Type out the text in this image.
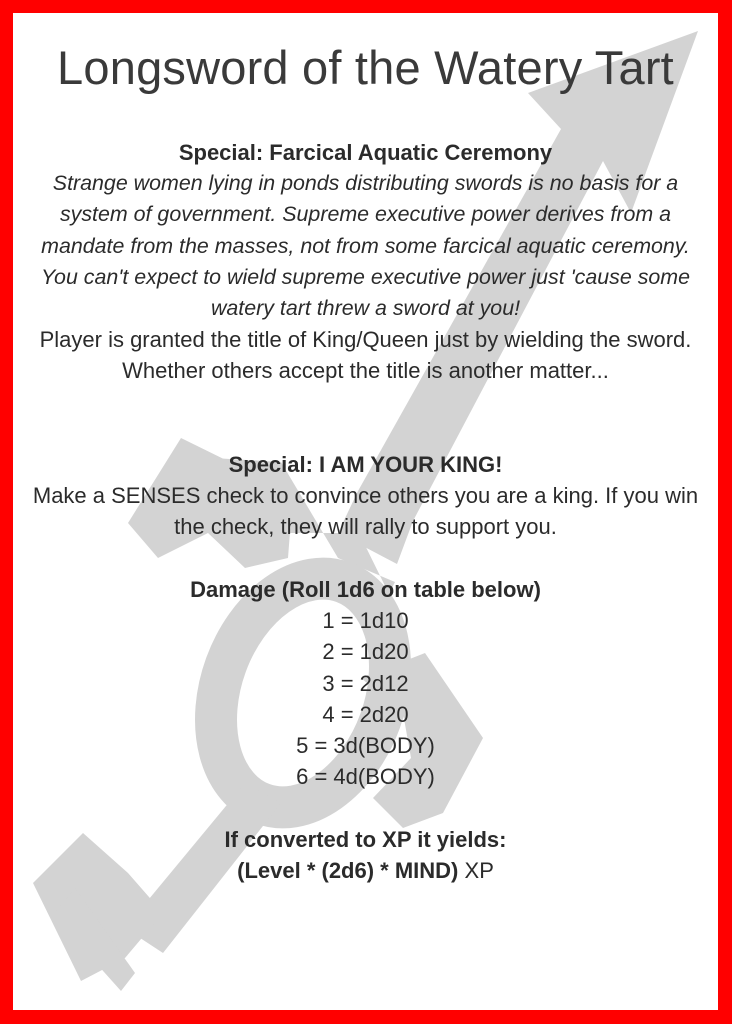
Longsword of the Watery Tart
Special: Farcical Aquatic Ceremony
Strange women lying in ponds distributing swords is no basis for a system of government. Supreme executive power derives from a mandate from the masses, not from some farcical aquatic ceremony. You can't expect to wield supreme executive power just 'cause some watery tart threw a sword at you!
Player is granted the title of King/Queen just by wielding the sword. Whether others accept the title is another matter...
Special: I AM YOUR KING!
Make a SENSES check to convince others you are a king. If you win the check, they will rally to support you.
Damage (Roll 1d6 on table below)
1 = 1d10
2 = 1d20
3 = 2d12
4 = 2d20
5 = 3d(BODY)
6 = 4d(BODY)
If converted to XP it yields:
(Level * (2d6) * MIND) XP
